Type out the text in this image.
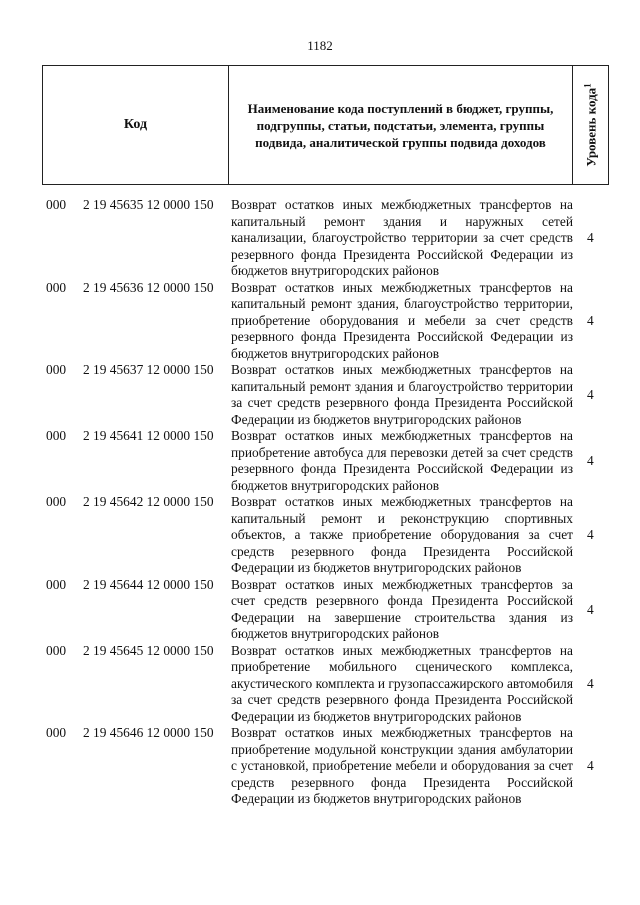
1182
Код
Наименование кода поступлений в бюджет, группы, подгруппы, статьи, подстатьи, элемента, группы подвида, аналитической группы подвида доходов	Уровень кода$^1$
000 2 19 45635 12 0000 150 Возврат остатков иных межбюджетных трансфертов на капитальный ремонт здания и наружных сетей канализации, благоустройство территории за счет средств резервного фонда Президента Российской Федерации из бюджетов внутригородских районов
4
000 2 19 45636 12 0000 150 Возврат остатков иных межбюджетных трансфертов на капитальный ремонт здания, благоустройство территории, приобретение оборудования и мебели за счет средств резервного фонда Президента Российской Федерации из бюджетов внутригородских районов
4
000 2 19 45637 12 0000 150 Возврат остатков иных межбюджетных трансфертов на капитальный ремонт здания и благоустройство территории за счет средств резервного фонда Президента Российской Федерации из бюджетов внутригородских районов
4
000 2 19 45641 12 0000 150 Возврат остатков иных межбюджетных трансфертов на приобретение автобуса для перевозки детей за счет средств резервного фонда Президента Российской Федерации из бюджетов внутригородских районов
4
000 2 19 45642 12 0000 150 Возврат остатков иных межбюджетных трансфертов на капитальный ремонт и реконструкцию спортивных объектов, а также приобретение оборудования за счет средств резервного фонда Президента Российской Федерации из бюджетов внутригородских районов
4
000 2 19 45644 12 0000 150 Возврат остатков иных межбюджетных трансфертов за счет средств резервного фонда Президента Российской Федерации на завершение строительства здания из бюджетов внутригородских районов
4
000 2 19 45645 12 0000 150 Возврат остатков иных межбюджетных трансфертов на приобретение мобильного сценического комплекса, акустического комплекта и грузопассажирского автомобиля за счет средств резервного фонда Президента Российской Федерации из бюджетов внутригородских районов
4
000 2 19 45646 12 0000 150 Возврат остатков иных межбюджетных трансфертов на приобретение модульной конструкции здания амбулатории с установкой, приобретение мебели и оборудования за счет средств резервного фонда Президента Российской Федерации из бюджетов внутригородских районов
4
